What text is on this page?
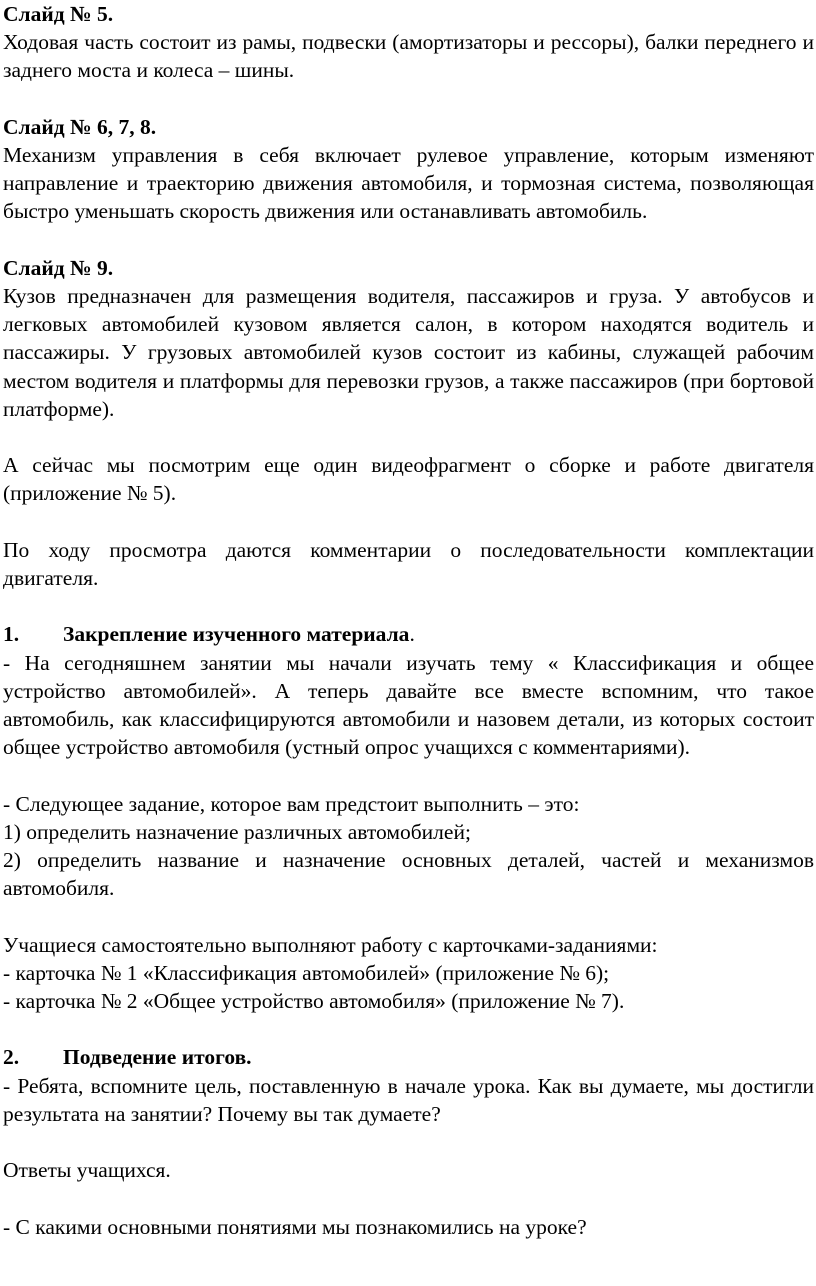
Слайд № 5.

Ходовая часть состоит из рамы, подвески (амортизаторы и рессоры), балки переднего и заднего моста и колеса – шины.

Слайд № 6, 7, 8.

Механизм управления в себя включает рулевое управление, которым изменяют направление и траекторию движения автомобиля, и тормозная система, позволяющая быстро уменьшать скорость движения или останавливать автомобиль.

Слайд № 9.

Кузов предназначен для размещения водителя, пассажиров и груза. У автобусов и легковых автомобилей кузовом является салон, в котором находятся водитель и пассажиры. У грузовых автомобилей кузов состоит из кабины, служащей рабочим местом водителя и платформы для перевозки грузов, а также пассажиров (при бортовой платформе).

А сейчас мы посмотрим еще один видеофрагмент о сборке и работе двигателя (приложение № 5).

По ходу просмотра даются комментарии о последовательности комплектации двигателя.

1.	Закрепление изученного материала.

- На сегодняшнем занятии мы начали изучать тему « Классификация и общее устройство автомобилей». А теперь давайте все вместе вспомним, что такое автомобиль, как классифицируются автомобили и назовем детали, из которых состоит общее устройство автомобиля (устный опрос учащихся с комментариями).

- Следующее задание, которое вам предстоит выполнить – это:

1) определить назначение различных автомобилей;

2) определить название и назначение основных деталей, частей и механизмов автомобиля.

Учащиеся самостоятельно выполняют работу с карточками-заданиями:

- карточка № 1 «Классификация автомобилей» (приложение № 6);

- карточка № 2 «Общее устройство автомобиля» (приложение № 7).

2.	Подведение итогов.

- Ребята, вспомните цель, поставленную в начале урока. Как вы думаете, мы достигли результата на занятии? Почему вы так думаете?

Ответы учащихся.

- С какими основными понятиями мы познакомились на уроке?
